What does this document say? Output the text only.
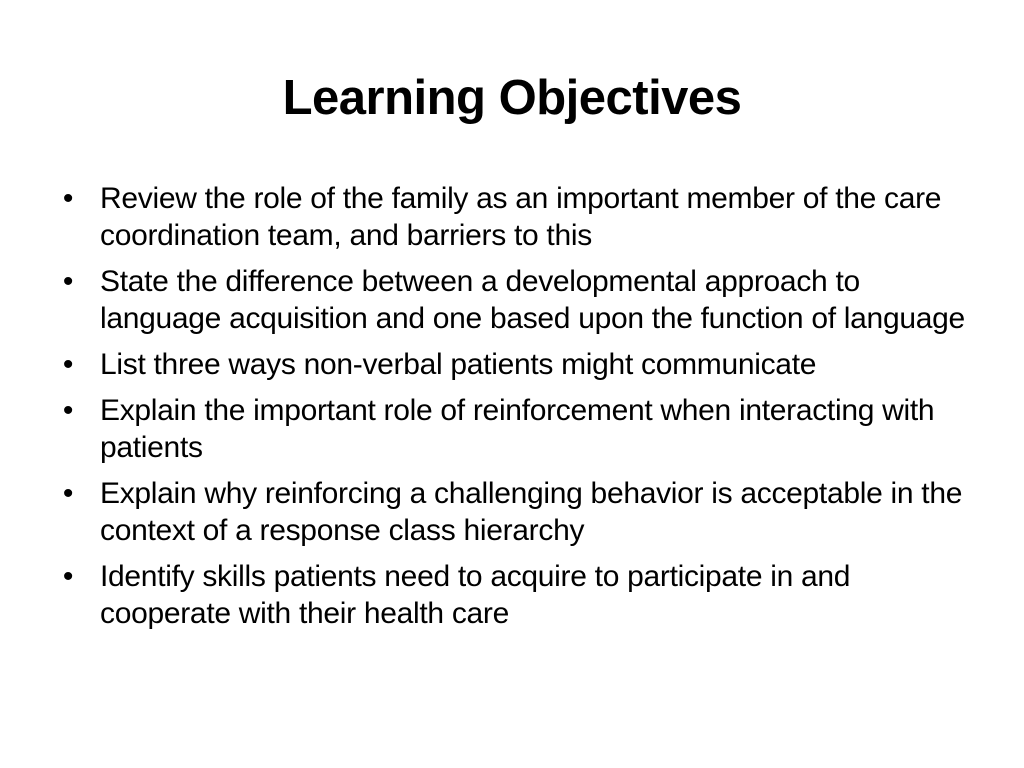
Learning Objectives
• Review the role of the family as an important member of the care coordination team, and barriers to this
• State the difference between a developmental approach to language acquisition and one based upon the function of language
• List three ways non-verbal patients might communicate
• Explain the important role of reinforcement when interacting with patients
• Explain why reinforcing a challenging behavior is acceptable in the context of a response class hierarchy
• Identify skills patients need to acquire to participate in and cooperate with their health care
